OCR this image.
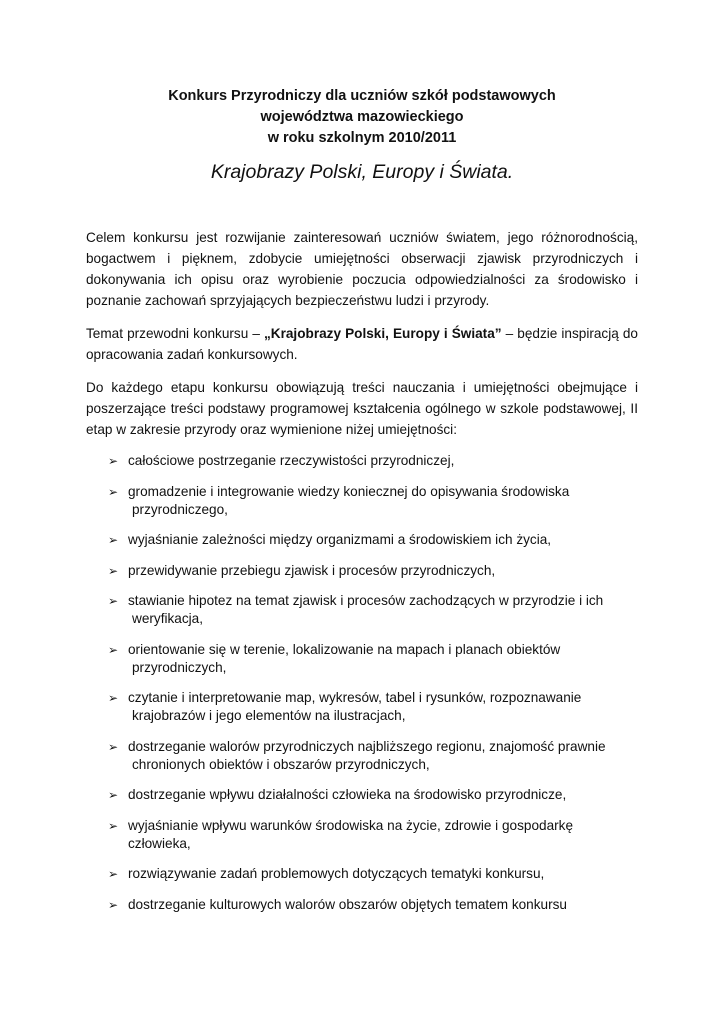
Konkurs Przyrodniczy dla uczniów szkół podstawowych
województwa mazowieckiego
w roku szkolnym 2010/2011
Krajobrazy Polski, Europy i Świata.

Celem konkursu jest rozwijanie zainteresowań uczniów światem, jego różnorodnością, bogactwem i pięknem, zdobycie umiejętności obserwacji zjawisk przyrodniczych i dokonywania ich opisu oraz wyrobienie poczucia odpowiedzialności za środowisko i poznanie zachowań sprzyjających bezpieczeństwu ludzi i przyrody.

Temat przewodni konkursu – „Krajobrazy Polski, Europy i Świata” – będzie inspiracją do opracowania zadań konkursowych.

Do każdego etapu konkursu obowiązują treści nauczania i umiejętności obejmujące i poszerzające treści podstawy programowej kształcenia ogólnego w szkole podstawowej, II etap w zakresie przyrody oraz wymienione niżej umiejętności:

➢ całościowe postrzeganie rzeczywistości przyrodniczej,
➢ gromadzenie i integrowanie wiedzy koniecznej do opisywania środowiska
przyrodniczego,
➢ wyjaśnianie zależności między organizmami a środowiskiem ich życia,
➢ przewidywanie przebiegu zjawisk i procesów przyrodniczych,
➢ stawianie hipotez na temat zjawisk i procesów zachodzących w przyrodzie i ich
weryfikacja,
➢ orientowanie się w terenie, lokalizowanie na mapach i planach obiektów
przyrodniczych,
➢ czytanie i interpretowanie map, wykresów, tabel i rysunków, rozpoznawanie
krajobrazów i jego elementów na ilustracjach,
➢ dostrzeganie walorów przyrodniczych najbliższego regionu, znajomość prawnie
chronionych obiektów i obszarów przyrodniczych,
➢ dostrzeganie wpływu działalności człowieka na środowisko przyrodnicze,
➢ wyjaśnianie wpływu warunków środowiska na życie, zdrowie i gospodarkę człowieka,
➢ rozwiązywanie zadań problemowych dotyczących tematyki konkursu,
➢ dostrzeganie kulturowych walorów obszarów objętych tematem konkursu
